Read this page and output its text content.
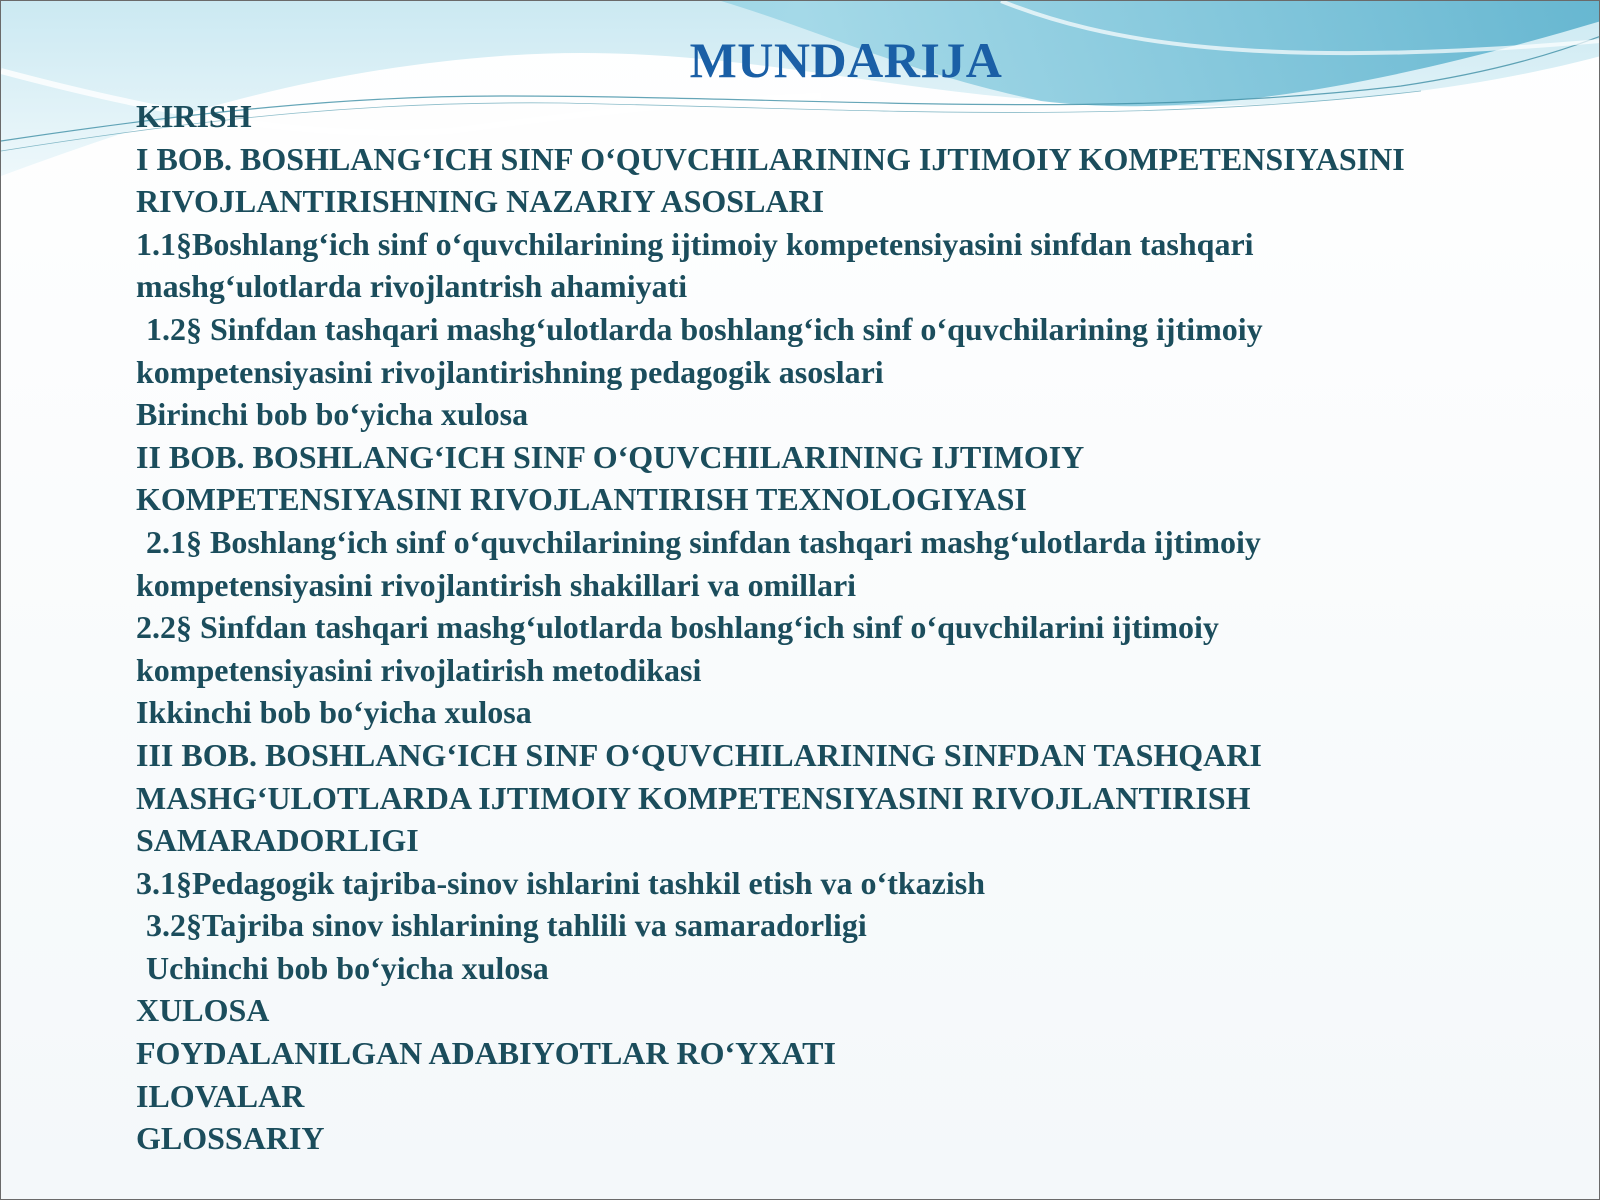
MUNDARIJA
KIRISH
I BOB. BOSHLANG‘ICH SINF O‘QUVCHILARINING IJTIMOIY KOMPETENSIYASINI
RIVOJLANTIRISHNING NAZARIY ASOSLARI
1.1§Boshlang‘ich sinf o‘quvchilarining ijtimoiy kompetensiyasini sinfdan tashqari
mashg‘ulotlarda rivojlantrish ahamiyati
1.2§ Sinfdan tashqari mashg‘ulotlarda boshlang‘ich sinf o‘quvchilarining ijtimoiy
kompetensiyasini rivojlantirishning pedagogik asoslari
Birinchi bob bo‘yicha xulosa
II BOB. BOSHLANG‘ICH SINF O‘QUVCHILARINING IJTIMOIY
KOMPETENSIYASINI RIVOJLANTIRISH TEXNOLOGIYASI
2.1§ Boshlang‘ich sinf o‘quvchilarining sinfdan tashqari mashg‘ulotlarda ijtimoiy
kompetensiyasini rivojlantirish shakillari va omillari
2.2§ Sinfdan tashqari mashg‘ulotlarda boshlang‘ich sinf o‘quvchilarini ijtimoiy
kompetensiyasini rivojlatirish metodikasi
Ikkinchi bob bo‘yicha xulosa
III BOB. BOSHLANG‘ICH SINF O‘QUVCHILARINING SINFDAN TASHQARI
MASHG‘ULOTLARDA IJTIMOIY KOMPETENSIYASINI RIVOJLANTIRISH
SAMARADORLIGI
3.1§Pedagogik tajriba-sinov ishlarini tashkil etish va o‘tkazish
3.2§Tajriba sinov ishlarining tahlili va samaradorligi
Uchinchi bob bo‘yicha xulosa
XULOSA
FOYDALANILGAN ADABIYOTLAR RO‘YXATI
ILOVALAR
GLOSSARIY
